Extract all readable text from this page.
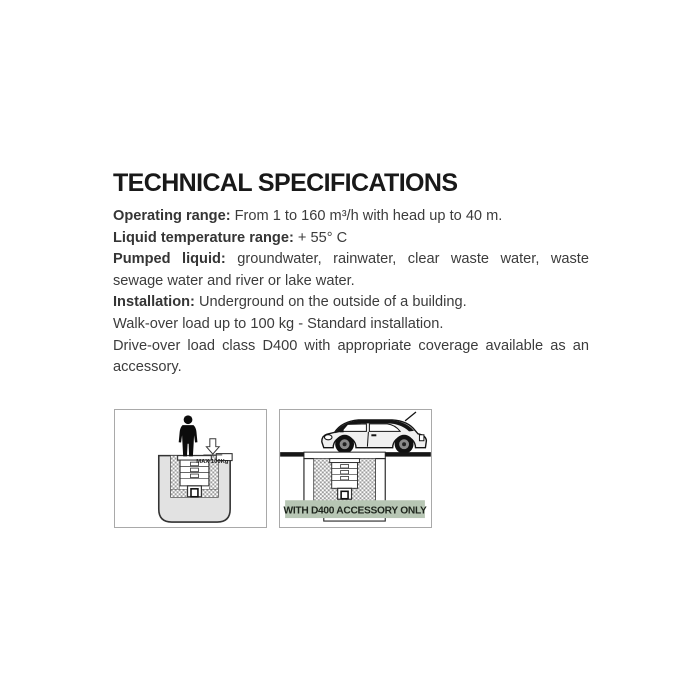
TECHNICAL SPECIFICATIONS

Operating range: From 1 to 160 m³/h with head up to 40 m.

Liquid temperature range: + 55° C

Pumped liquid: groundwater, rainwater, clear waste water, waste sewage water and river or lake water.

Installation: Underground on the outside of a building.

Walk-over load up to 100 kg - Standard installation.

Drive-over load class D400 with appropriate coverage available as an accessory.

MAX 100Kg
WITH D400 ACCESSORY ONLY
